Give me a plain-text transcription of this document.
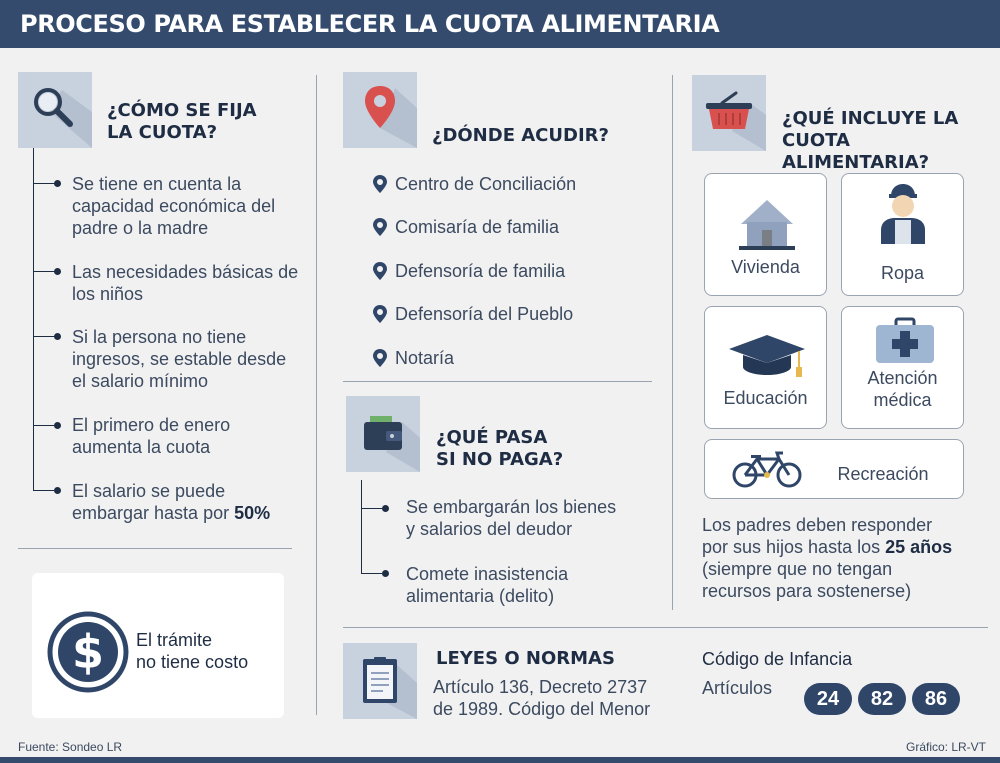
PROCESO PARA ESTABLECER LA CUOTA ALIMENTARIA
¿CÓMO SE FIJA
LA CUOTA?
Se tiene en cuenta la
capacidad económica del
padre o la madre
Las necesidades básicas de
los niños
Si la persona no tiene
ingresos, se estable desde
el salario mínimo
El primero de enero
aumenta la cuota
El salario se puede
embargar hasta por 50%
$ El trámite
no tiene costo
¿DÓNDE ACUDIR?
Centro de Conciliación
Comisaría de familia
Defensoría de familia
Defensoría del Pueblo
Notaría
¿QUÉ PASA
SI NO PAGA?
Se embargarán los bienes
y salarios del deudor
Comete inasistencia
alimentaria (delito)
¿QUÉ INCLUYE LA
CUOTA ALIMENTARIA?
Vivienda	Ropa
Educación
Atención
médica
Recreación
Los padres deben responder
por sus hijos hasta los 25 años
(siempre que no tengan
recursos para sostenerse)
LEYES O NORMAS
Artículo 136, Decreto 2737
de 1989. Código del Menor
Código de Infancia
Artículos	24	82	86
Fuente: Sondeo LR	Gráfico: LR-VT
